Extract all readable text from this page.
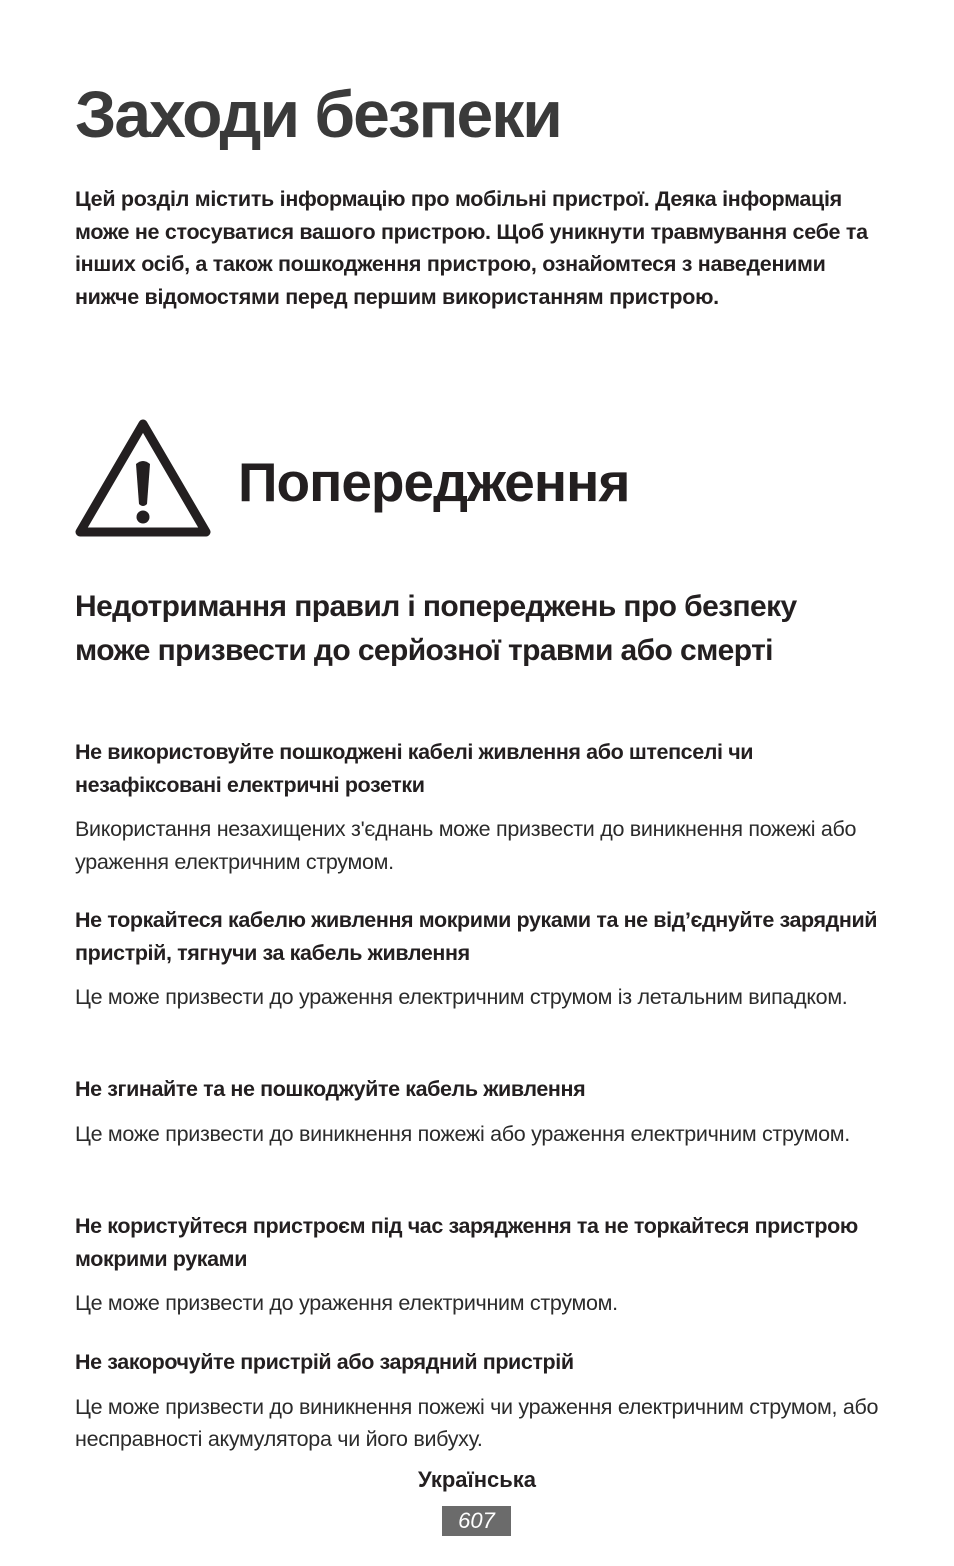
Заходи безпеки

Цей розділ містить інформацію про мобільні пристрої. Деяка інформація може не стосуватися вашого пристрою. Щоб уникнути травмування себе та інших осіб, а також пошкодження пристрою, ознайомтеся з наведеними нижче відомостями перед першим використанням пристрою.

Попередження
Недотримання правил і попереджень про безпеку може призвести до серйозної травми або смерті

Не використовуйте пошкоджені кабелі живлення або штепселі чи незафіксовані електричні розетки

Використання незахищених з'єднань може призвести до виникнення пожежі або ураження електричним струмом.

Не торкайтеся кабелю живлення мокрими руками та не від’єднуйте зарядний пристрій, тягнучи за кабель живлення

Це може призвести до ураження електричним струмом із летальним випадком.

Не згинайте та не пошкоджуйте кабель живлення

Це може призвести до виникнення пожежі або ураження електричним струмом.

Не користуйтеся пристроєм під час зарядження та не торкайтеся пристрою мокрими руками

Це може призвести до ураження електричним струмом.

Не закорочуйте пристрій або зарядний пристрій

Це може призвести до виникнення пожежі чи ураження електричним струмом, або несправності акумулятора чи його вибуху.

Українська
607
